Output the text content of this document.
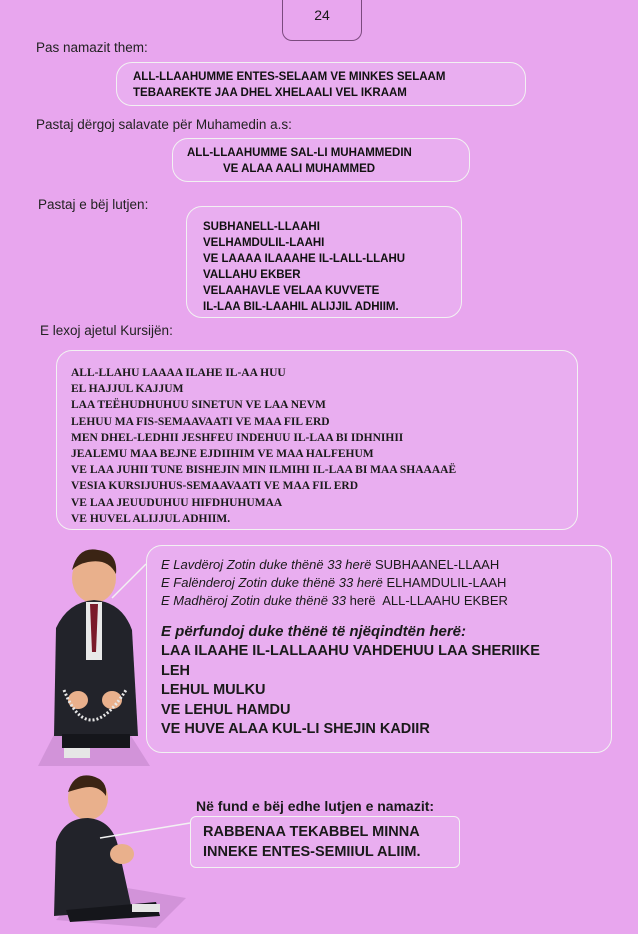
24
Pas namazit them:
ALL-LLAAHUMME ENTES-SELAAM VE MINKES SELAAM
TEBAAREKTE JAA DHEL XHELAALI VEL IKRAAM
Pastaj dërgoj salavate për Muhamedin a.s:
ALL-LLAAHUMME SAL-LI MUHAMMEDIN
VE ALAA AALI MUHAMMED
Pastaj e bëj lutjen:
SUBHANELL-LLAAHI
VELHAMDULIL-LAAHI
VE LAAAA ILAAAHE IL-LALL-LLAHU
VALLAHU EKBER
VELAAHAVLE VELAA KUVVETE
IL-LAA BIL-LAAHIL ALIJJIL ADHIIM.
E lexoj ajetul Kursijën:
ALL-LLAHU LAAAA ILAHE IL-AA HUU
EL HAJJUL KAJJUM
LAA TEËHUDHUHUU SINETUN VE LAA NEVM
LEHUU MA FIS-SEMAAVAATI VE MAA FIL ERD
MEN DHEL-LEDHII JESHFEU INDEHUU IL-LAA BI IDHNIHII
JEALEMU MAA BEJNE EJDIIHIM VE MAA HALFEHUM
VE LAA JUHII TUNE BISHEJIN MIN ILMIHI IL-LAA BI MAA SHAAAAË
VESIA KURSIJUHUS-SEMAAVAATI VE MAA FIL ERD
VE LAA JEUUDUHUU HIFDHUHUMAA
VE HUVEL ALIJJUL ADHIIM.
E Lavdëroj Zotin duke thënë 33 herë SUBHAANEL-LLAAH
E Falënderoj Zotin duke thënë 33 herë ELHAMDULIL-LAAH
E Madhëroj Zotin duke thënë 33 herë ALL-LLAAHU EKBER
E përfundoj duke thënë të njëqindtën herë:
LAA ILAAHE IL-LALLAAHU VAHDEHUU LAA SHERIIKE
LEH
LEHUL MULKU
VE LEHUL HAMDU
VE HUVE ALAA KUL-LI SHEJIN KADIIR
Në fund e bëj edhe lutjen e namazit:
RABBENAA TEKABBEL MINNA
INNEKE ENTES-SEMIIUL ALIIM.
